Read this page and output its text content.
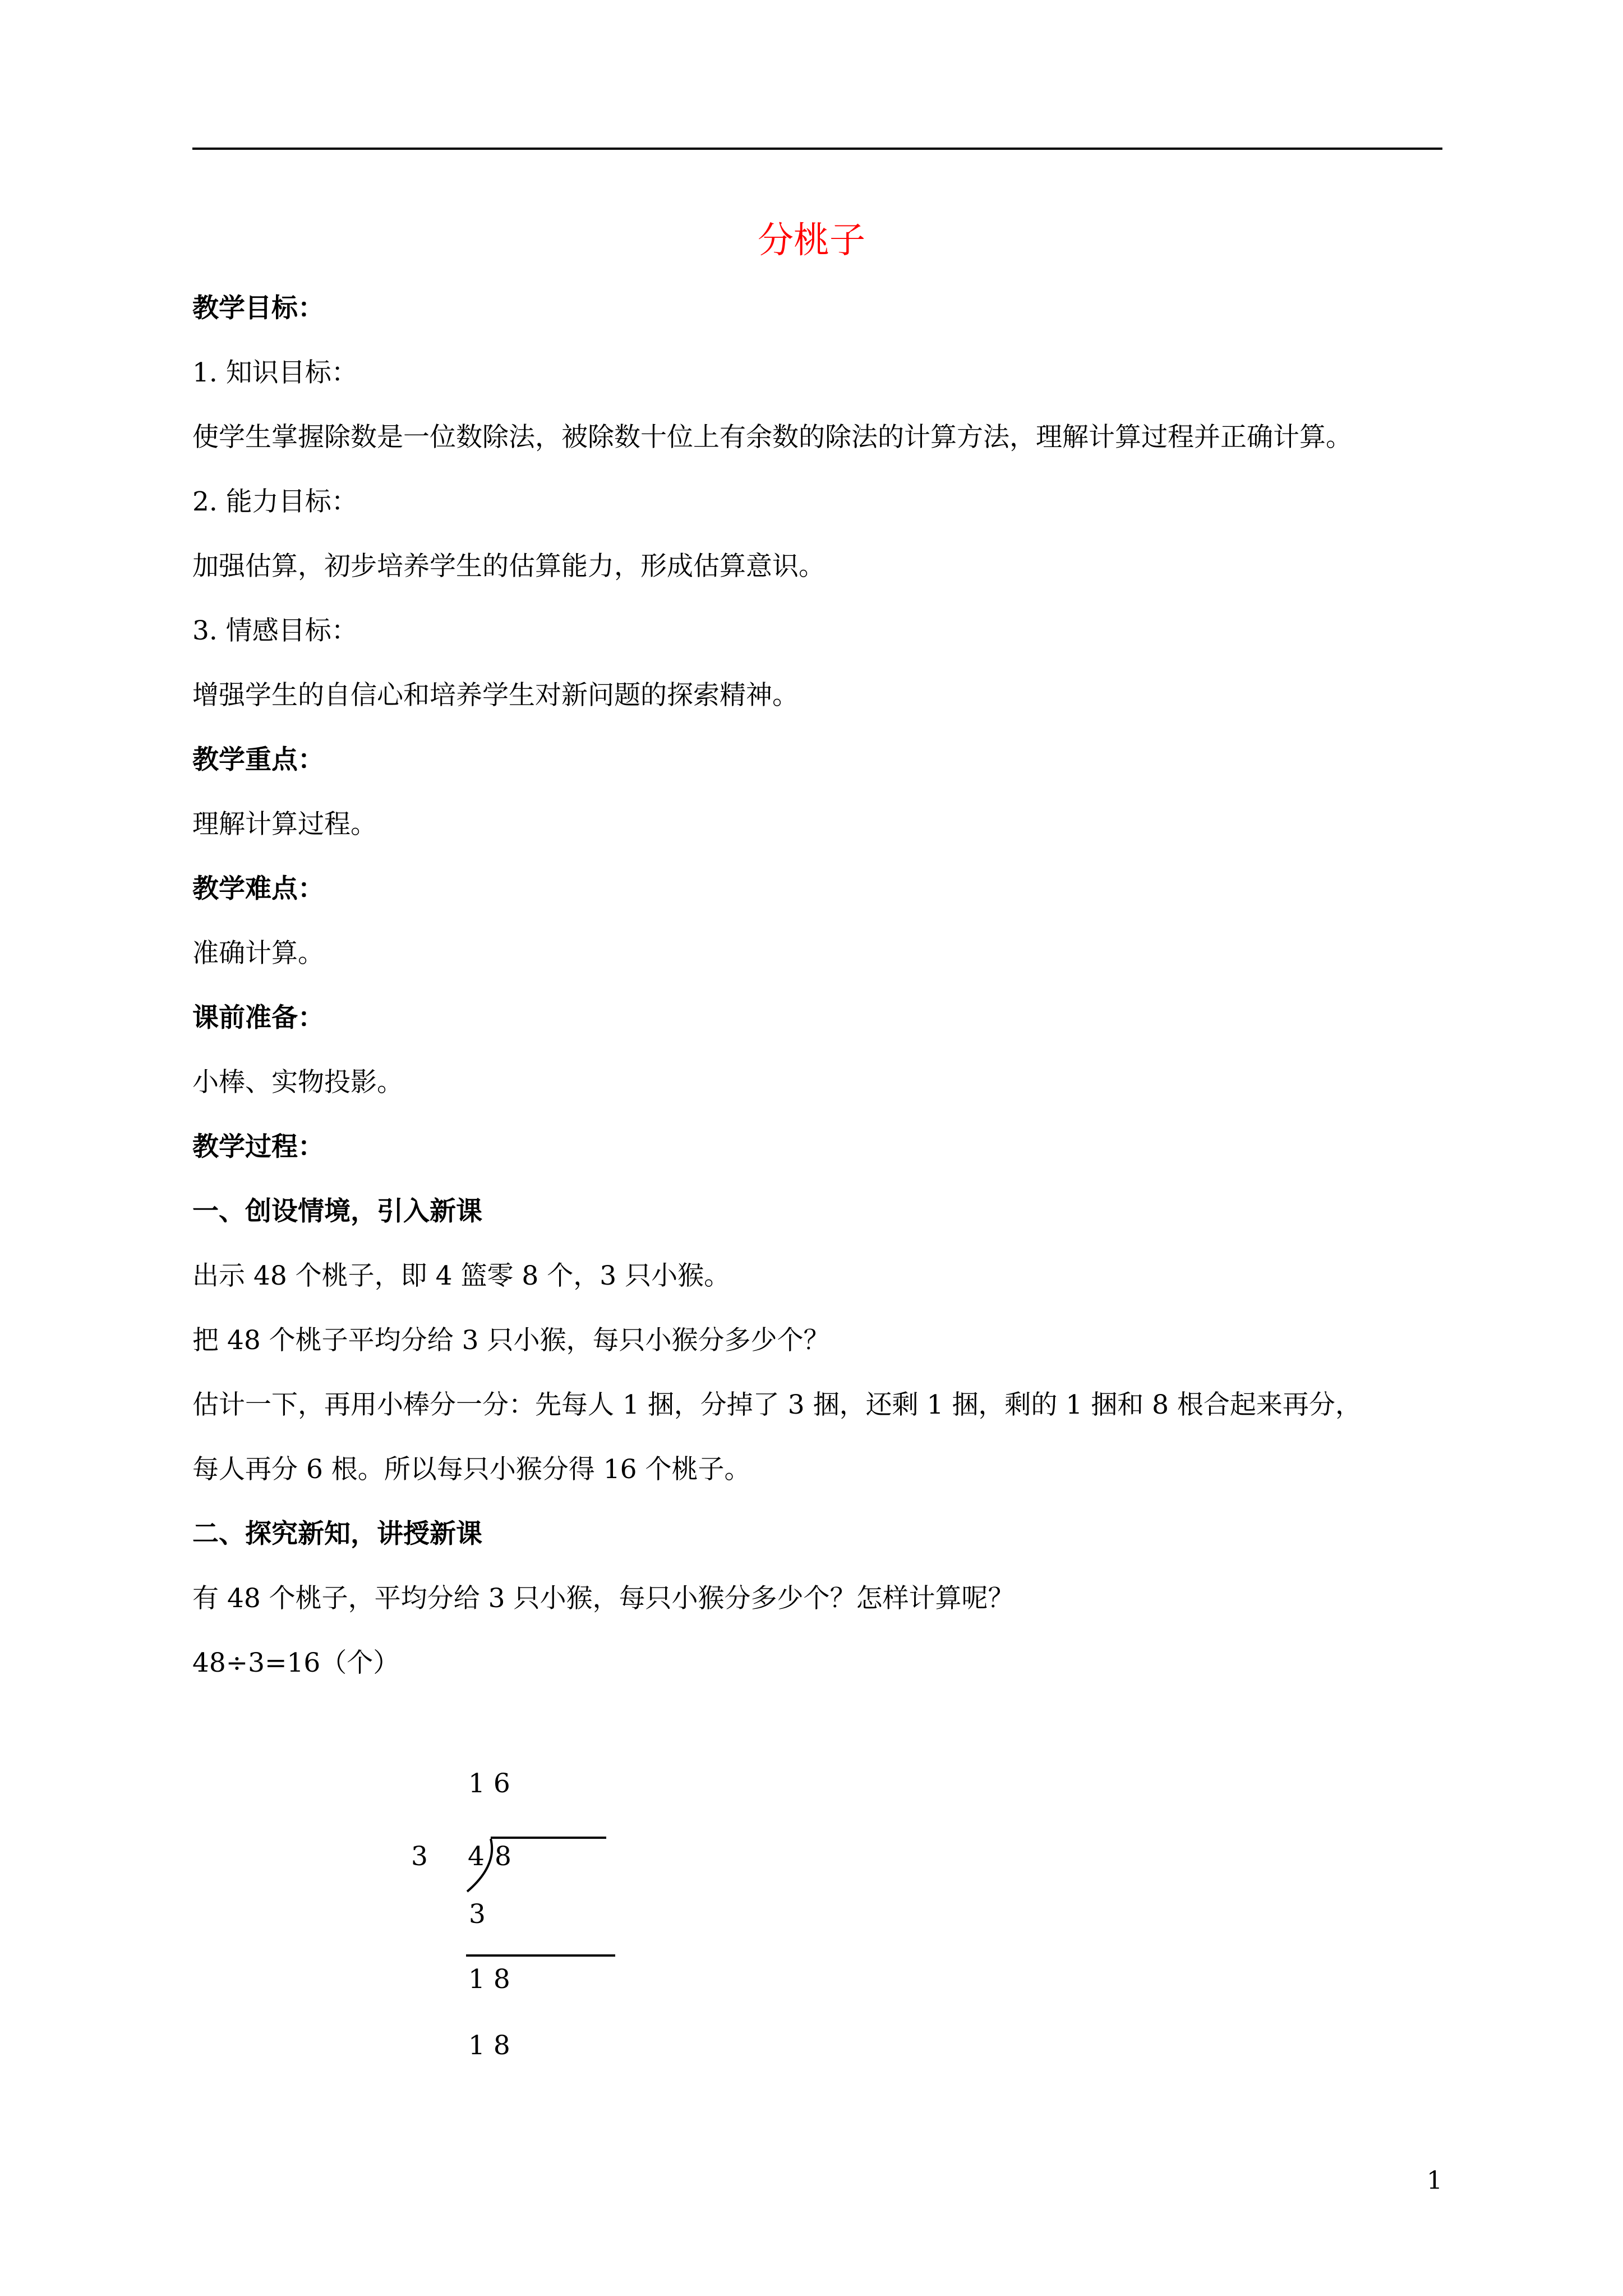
分桃子
教学目标：
1. 知识目标：
使学生掌握除数是一位数除法，被除数十位上有余数的除法的计算方法，理解计算过程并正确计算。
2. 能力目标：
加强估算，初步培养学生的估算能力，形成估算意识。
3. 情感目标：
增强学生的自信心和培养学生对新问题的探索精神。
教学重点：
理解计算过程。
教学难点：
准确计算。
课前准备：
小棒、实物投影。
教学过程：
一、创设情境，引入新课
出示 48 个桃子，即 4 篮零 8 个，3 只小猴。
把 48 个桃子平均分给 3 只小猴，每只小猴分多少个？
估计一下，再用小棒分一分：先每人 1 捆，分掉了 3 捆，还剩 1 捆，剩的 1 捆和 8 根合起来再分，
每人再分 6 根。所以每只小猴分得 16 个桃子。
二、探究新知，讲授新课
有 48 个桃子，平均分给 3 只小猴，每只小猴分多少个？怎样计算呢？
48÷3=16（个）
1 6
3 4 8
3
1 8
1 8
1
